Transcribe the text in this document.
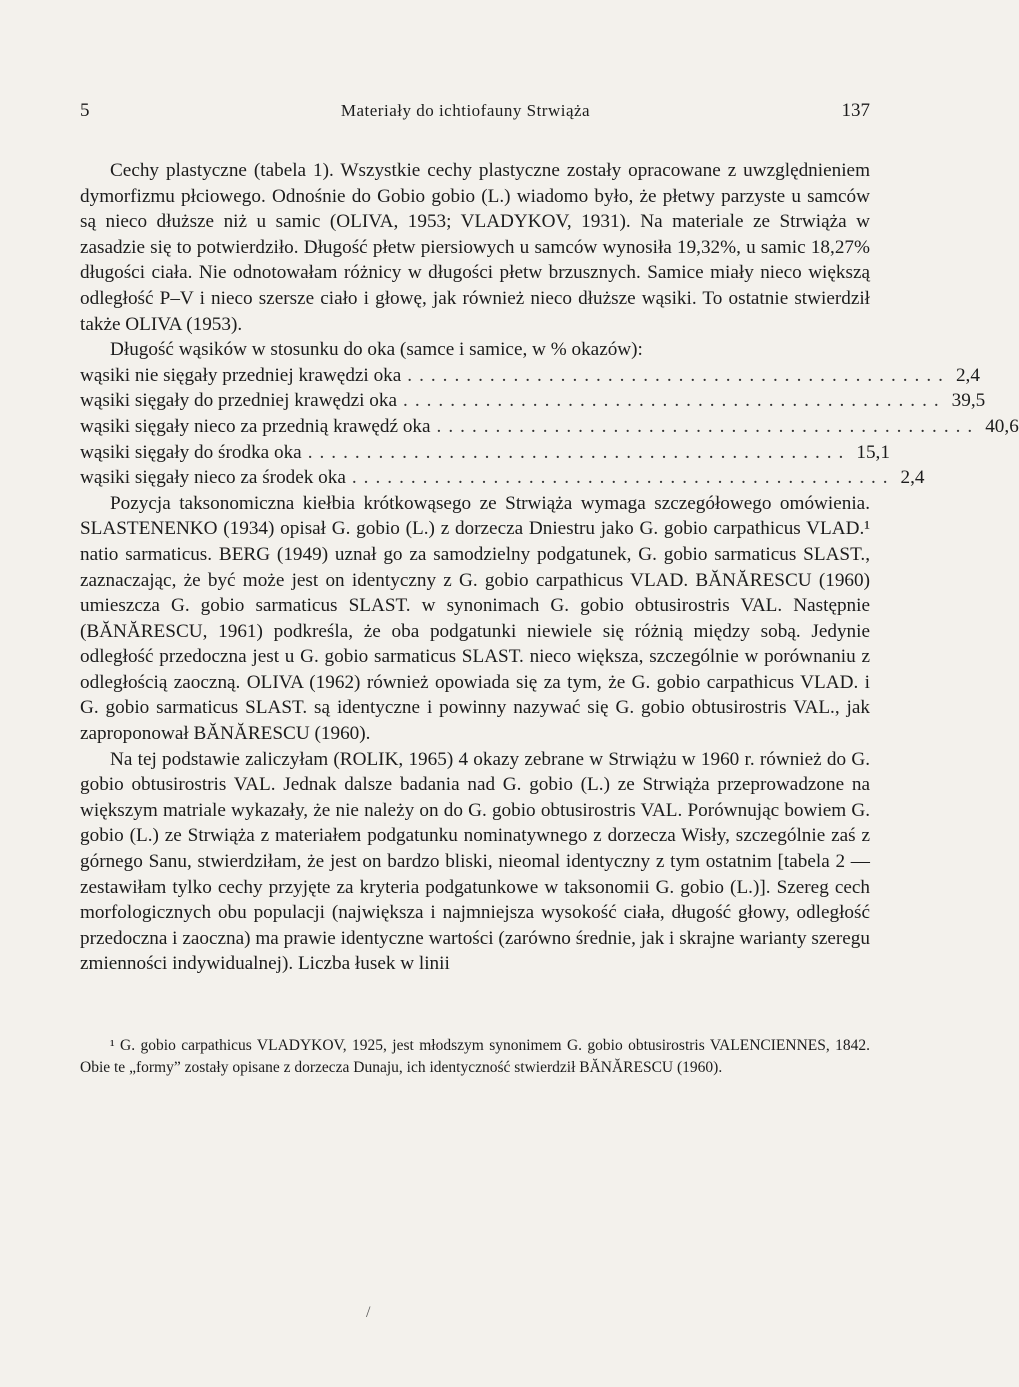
5	Materiały do ichtiofauny Strwiąża	137

Cechy plastyczne (tabela 1). Wszystkie cechy plastyczne zostały opracowane z uwzględnieniem dymorfizmu płciowego. Odnośnie do Gobio gobio (L.) wiadomo było, że płetwy parzyste u samców są nieco dłuższe niż u samic (OLIVA, 1953; VLADYKOV, 1931). Na materiale ze Strwiąża w zasadzie się to potwierdziło. Długość płetw piersiowych u samców wynosiła 19,32%, u samic 18,27% długości ciała. Nie odnotowałam różnicy w długości płetw brzusznych. Samice miały nieco większą odległość P–V i nieco szersze ciało i głowę, jak również nieco dłuższe wąsiki. To ostatnie stwierdził także OLIVA (1953).

Długość wąsików w stosunku do oka (samce i samice, w % okazów):

wąsiki nie sięgały przedniej krawędzi oka .............................................. 2,4
wąsiki sięgały do przedniej krawędzi oka .............................................. 39,5
wąsiki sięgały nieco za przednią krawędź oka .............................................. 40,6
wąsiki sięgały do środka oka .............................................. 15,1
wąsiki sięgały nieco za środek oka .............................................. 2,4

Pozycja taksonomiczna kiełbia krótkowąsego ze Strwiąża wymaga szczegółowego omówienia. SLASTENENKO (1934) opisał G. gobio (L.) z dorzecza Dniestru jako G. gobio carpathicus VLAD.¹ natio sarmaticus. BERG (1949) uznał go za samodzielny podgatunek, G. gobio sarmaticus SLAST., zaznaczając, że być może jest on identyczny z G. gobio carpathicus VLAD. BĂNĂRESCU (1960) umieszcza G. gobio sarmaticus SLAST. w synonimach G. gobio obtusirostris VAL. Następnie (BĂNĂRESCU, 1961) podkreśla, że oba podgatunki niewiele się różnią między sobą. Jedynie odległość przedoczna jest u G. gobio sarmaticus SLAST. nieco większa, szczególnie w porównaniu z odległością zaoczną. OLIVA (1962) również opowiada się za tym, że G. gobio carpathicus VLAD. i G. gobio sarmaticus SLAST. są identyczne i powinny nazywać się G. gobio obtusirostris VAL., jak zaproponował BĂNĂRESCU (1960).

Na tej podstawie zaliczyłam (ROLIK, 1965) 4 okazy zebrane w Strwiążu w 1960 r. również do G. gobio obtusirostris VAL. Jednak dalsze badania nad G. gobio (L.) ze Strwiąża przeprowadzone na większym matriale wykazały, że nie należy on do G. gobio obtusirostris VAL. Porównując bowiem G. gobio (L.) ze Strwiąża z materiałem podgatunku nominatywnego z dorzecza Wisły, szczególnie zaś z górnego Sanu, stwierdziłam, że jest on bardzo bliski, nieomal identyczny z tym ostatnim [tabela 2 — zestawiłam tylko cechy przyjęte za kryteria podgatunkowe w taksonomii G. gobio (L.)]. Szereg cech morfologicznych obu populacji (największa i najmniejsza wysokość ciała, długość głowy, odległość przedoczna i zaoczna) ma prawie identyczne wartości (zarówno średnie, jak i skrajne warianty szeregu zmienności indywidualnej). Liczba łusek w linii

¹ G. gobio carpathicus VLADYKOV, 1925, jest młodszym synonimem G. gobio obtusirostris VALENCIENNES, 1842. Obie te „formy” zostały opisane z dorzecza Dunaju, ich identyczność stwierdził BĂNĂRESCU (1960).

/
